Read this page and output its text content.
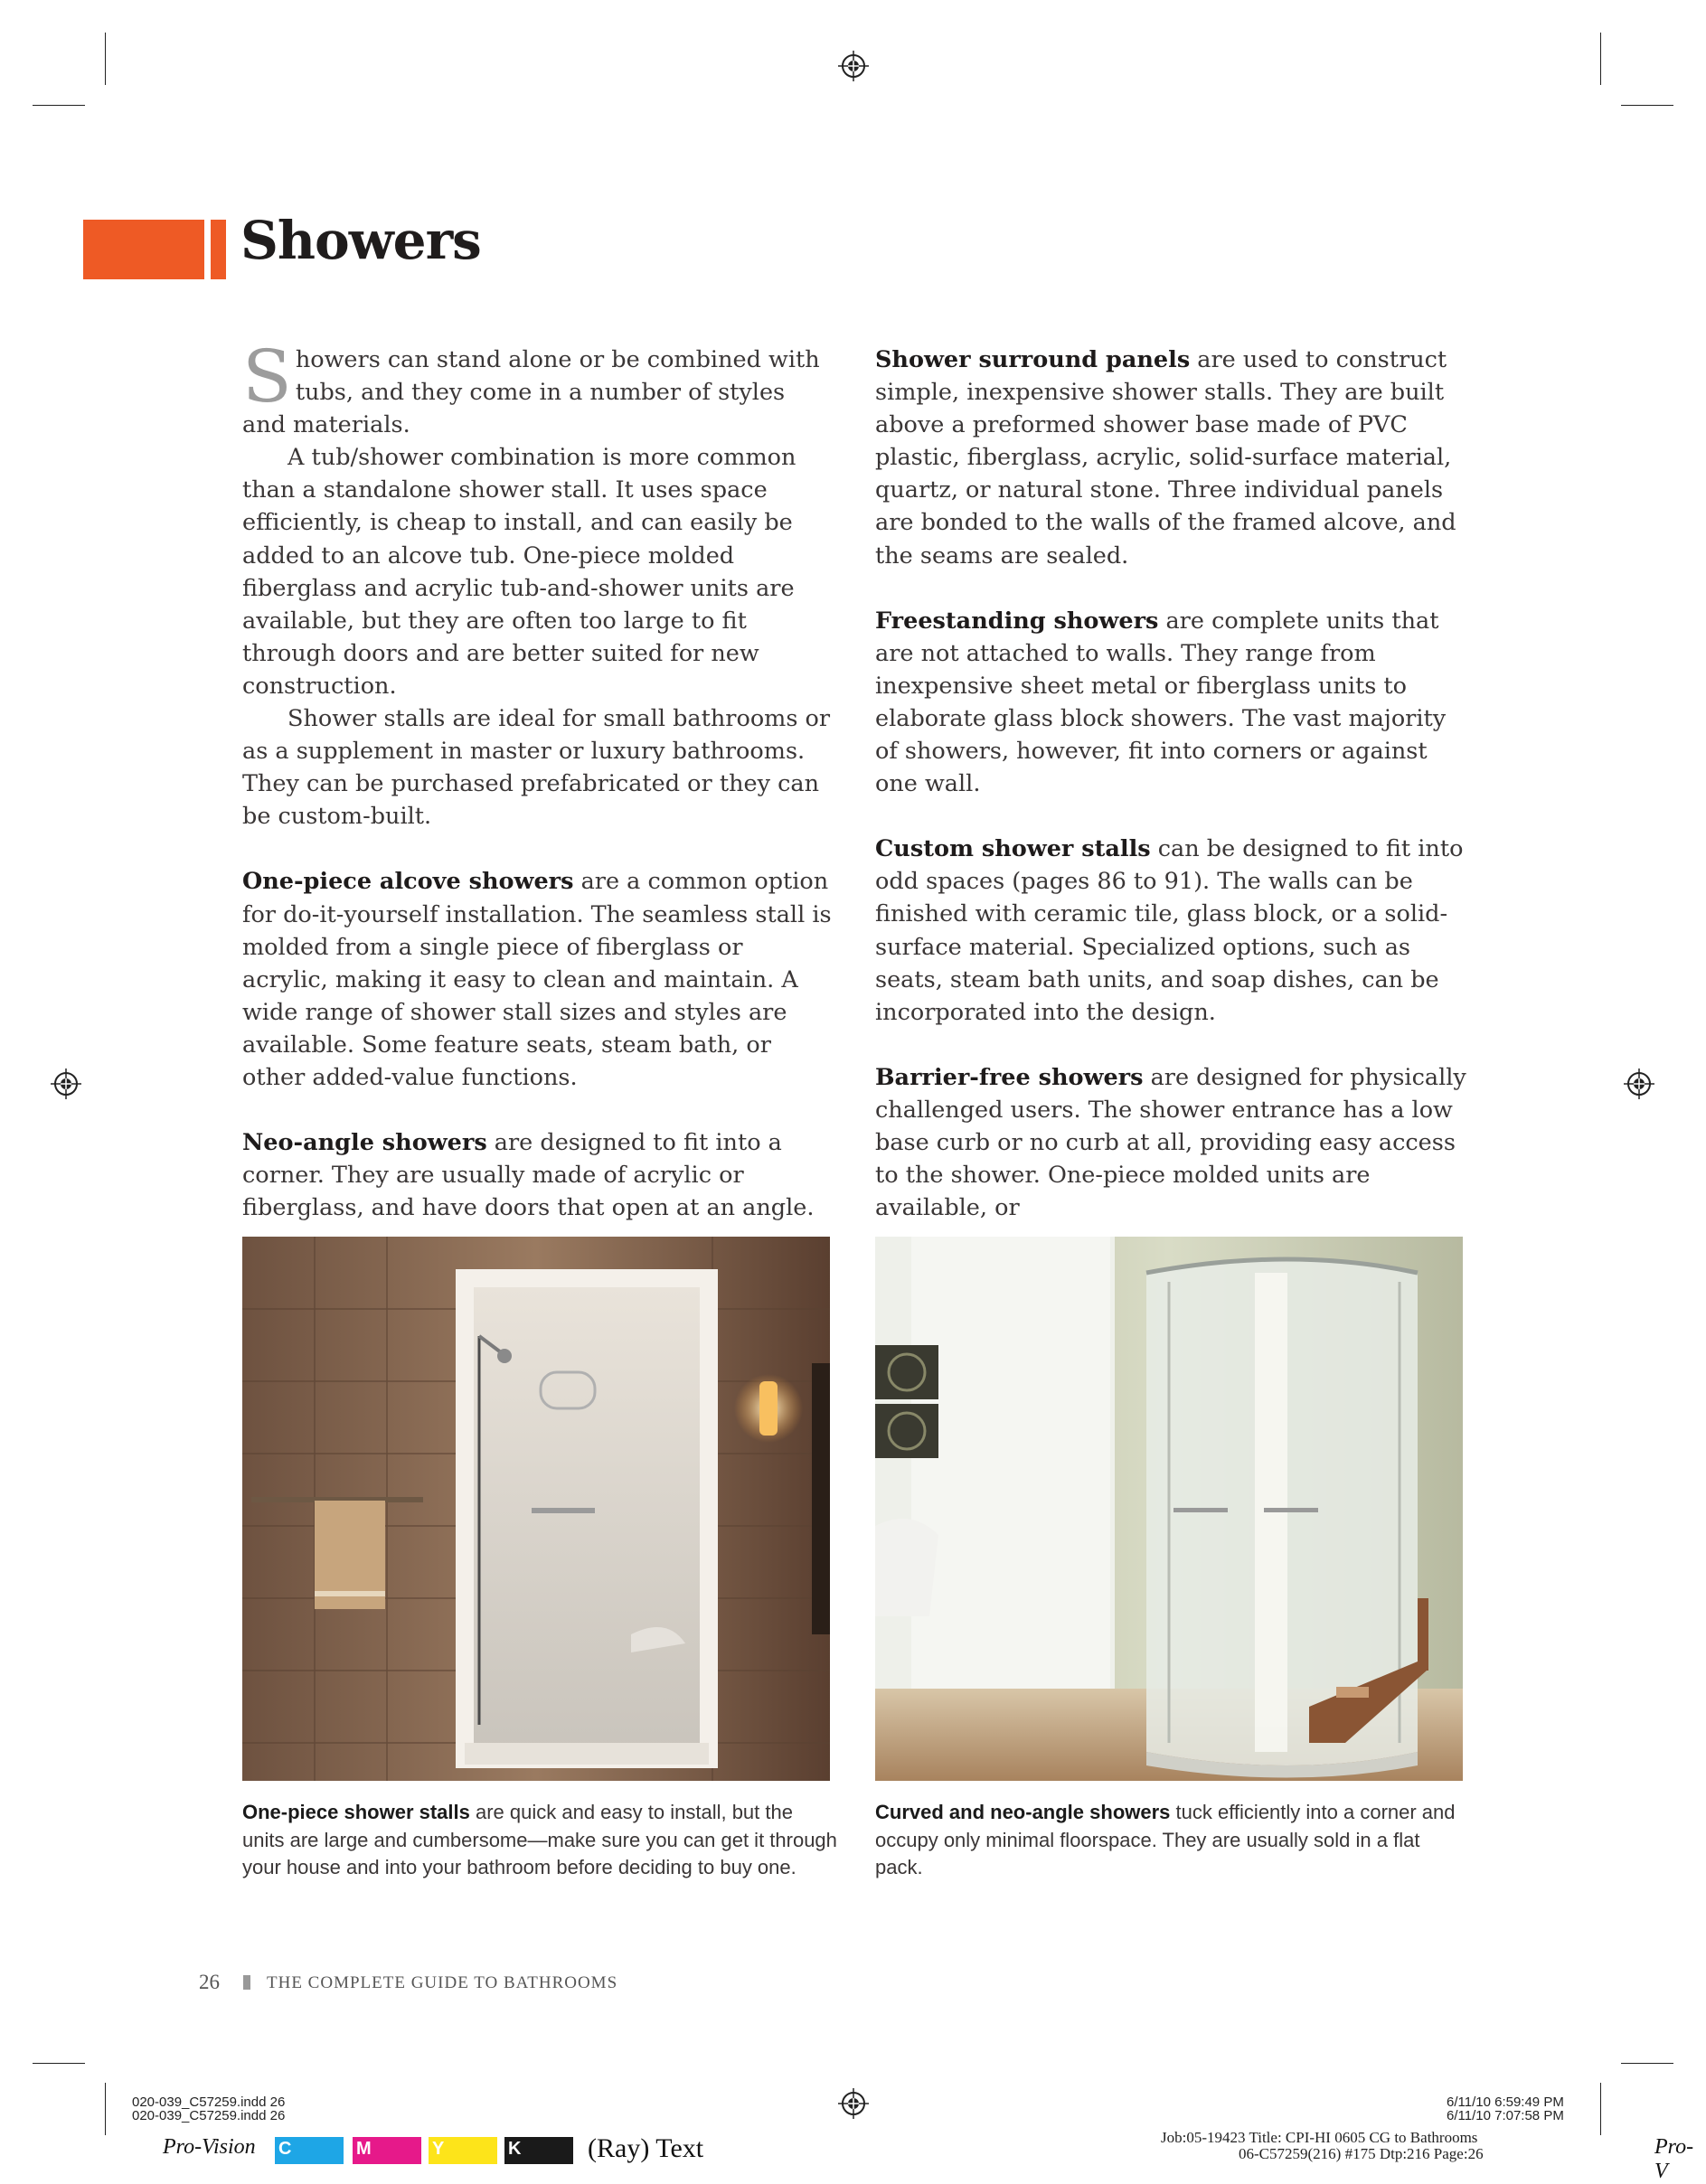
Showers

Showers can stand alone or be combined with tubs, and they come in a number of styles and materials.

A tub/shower combination is more common than a standalone shower stall. It uses space efficiently, is cheap to install, and can easily be added to an alcove tub. One-piece molded fiberglass and acrylic tub-and-shower units are available, but they are often too large to fit through doors and are better suited for new construction.

Shower stalls are ideal for small bathrooms or as a supplement in master or luxury bathrooms. They can be purchased prefabricated or they can be custom-built.

One-piece alcove showers are a common option for do-it-yourself installation. The seamless stall is molded from a single piece of fiberglass or acrylic, making it easy to clean and maintain. A wide range of shower stall sizes and styles are available. Some feature seats, steam bath, or other added-value functions.

Neo-angle showers are designed to fit into a corner. They are usually made of acrylic or fiberglass, and have doors that open at an angle.

Shower surround panels are used to construct simple, inexpensive shower stalls. They are built above a preformed shower base made of PVC plastic, fiberglass, acrylic, solid-surface material, quartz, or natural stone. Three individual panels are bonded to the walls of the framed alcove, and the seams are sealed.

Freestanding showers are complete units that are not attached to walls. They range from inexpensive sheet metal or fiberglass units to elaborate glass block showers. The vast majority of showers, however, fit into corners or against one wall.

Custom shower stalls can be designed to fit into odd spaces (pages 86 to 91). The walls can be finished with ceramic tile, glass block, or a solid-surface material. Specialized options, such as seats, steam bath units, and soap dishes, can be incorporated into the design.

Barrier-free showers are designed for physically challenged users. The shower entrance has a low base curb or no curb at all, providing easy access to the shower. One-piece molded units are available, or

One-piece shower stalls are quick and easy to install, but the units are large and cumbersome—make sure you can get it through your house and into your bathroom before deciding to buy one.
Curved and neo-angle showers tuck efficiently into a corner and occupy only minimal floorspace. They are usually sold in a flat pack.
26	THE COMPLETE GUIDE TO BATHROOMS
020-039_C57259.indd 26
020-039_C57259.indd 26
6/11/10 6:59:49 PM
6/11/10 7:07:58 PM
Job:05-19423 Title: CPI-HI 0605 CG to Bathrooms
06-C57259(216) #175 Dtp:216 Page:26
Pro-Vision	Pro-V
C	M	Y	K (Ray) Text
